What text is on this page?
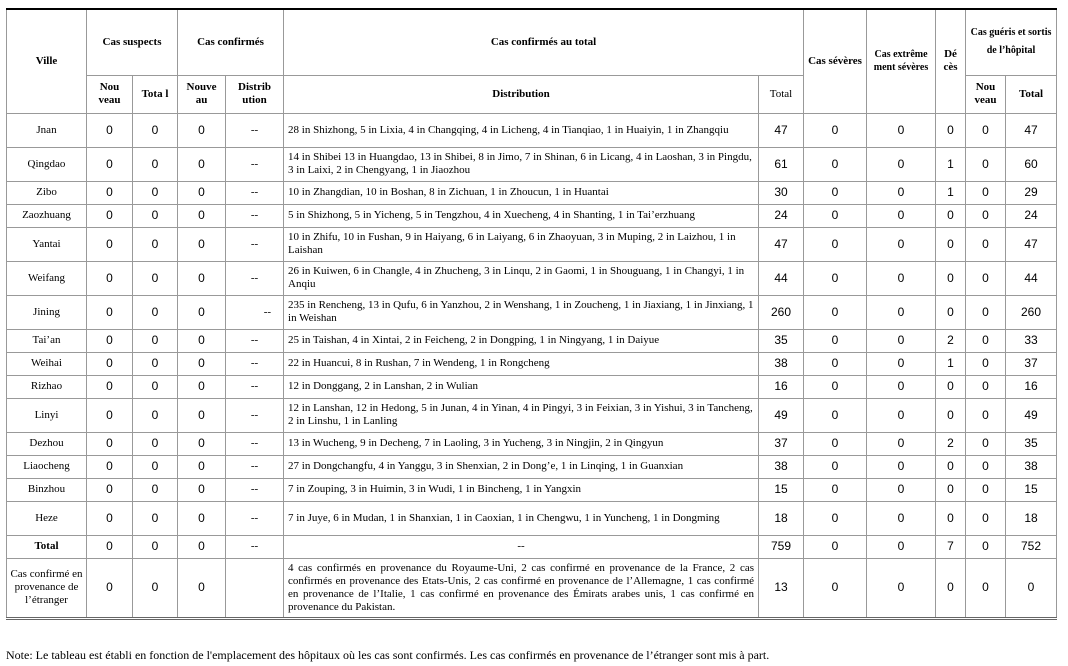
Ville	Cas suspects		Cas confirmés		Cas confirmés au total		Cas sévères	Cas extrême ment sévères	Dé cès	Cas guéris et sortis de l’hôpital	
	Nou veau	Tota l	Nouve au	Distrib ution	Distribution	Total				Nou veau	Total
Jnan	0	0	0	--	28 in Shizhong, 5 in Lixia, 4 in Changqing, 4 in Licheng, 4 in Tianqiao, 1 in Huaiyin, 1 in Zhangqiu	47	0	0	0	0	47
Qingdao	0	0	0	--	14 in Shibei 13 in Huangdao, 13 in Shibei, 8 in Jimo, 7 in Shinan, 6 in Licang, 4 in Laoshan, 3 in Pingdu, 3 in Laixi, 2 in Chengyang, 1 in Jiaozhou	61	0	0	1	0	60
Zibo	0	0	0	--	10 in Zhangdian, 10 in Boshan, 8 in Zichuan, 1 in Zhoucun, 1 in Huantai	30	0	0	1	0	29
Zaozhuang	0	0	0	--	5 in Shizhong, 5 in Yicheng, 5 in Tengzhou, 4 in Xuecheng, 4 in Shanting, 1 in Tai’erzhuang	24	0	0	0	0	24
Yantai	0	0	0	--	10 in Zhifu, 10 in Fushan, 9 in Haiyang, 6 in Laiyang, 6 in Zhaoyuan, 3 in Muping, 2 in Laizhou, 1 in Laishan	47	0	0	0	0	47
Weifang	0	0	0	--	26 in Kuiwen, 6 in Changle, 4 in Zhucheng, 3 in Linqu, 2 in Gaomi, 1 in Shouguang, 1 in Changyi, 1 in Anqiu	44	0	0	0	0	44
Jining	0	0	0	--	235 in Rencheng, 13 in Qufu, 6 in Yanzhou, 2 in Wenshang, 1 in Zoucheng, 1 in Jiaxiang, 1 in Jinxiang, 1 in Weishan	260	0	0	0	0	260
Tai’an	0	0	0	--	25 in Taishan, 4 in Xintai, 2 in Feicheng, 2 in Dongping, 1 in Ningyang, 1 in Daiyue	35	0	0	2	0	33
Weihai	0	0	0	--	22 in Huancui, 8 in Rushan, 7 in Wendeng, 1 in Rongcheng	38	0	0	1	0	37
Rizhao	0	0	0	--	12 in Donggang, 2 in Lanshan, 2 in Wulian	16	0	0	0	0	16
Linyi	0	0	0	--	12 in Lanshan, 12 in Hedong, 5 in Junan, 4 in Yinan, 4 in Pingyi, 3 in Feixian, 3 in Yishui, 3 in Tancheng, 2 in Linshu, 1 in Lanling	49	0	0	0	0	49
Dezhou	0	0	0	--	13 in Wucheng, 9 in Decheng, 7 in Laoling, 3 in Yucheng, 3 in Ningjin, 2 in Qingyun	37	0	0	2	0	35
Liaocheng	0	0	0	--	27 in Dongchangfu, 4 in Yanggu, 3 in Shenxian, 2 in Dong’e, 1 in Linqing, 1 in Guanxian	38	0	0	0	0	38
Binzhou	0	0	0	--	7 in Zouping, 3 in Huimin, 3 in Wudi, 1 in Bincheng, 1 in Yangxin	15	0	0	0	0	15
Heze	0	0	0	--	7 in Juye, 6 in Mudan, 1 in Shanxian, 1 in Caoxian, 1 in Chengwu, 1 in Yuncheng, 1 in Dongming	18	0	0	0	0	18
Total	0	0	0	--	--	759	0	0	7	0	752
Cas confirmé en provenance de l’étranger	0	0	0		4 cas confirmés en provenance du Royaume-Uni, 2 cas confirmé en provenance de la France, 2 cas confirmés en provenance des Etats-Unis, 2 cas confirmé en provenance de l’Allemagne, 1 cas confirmé en provenance de l’Italie, 1 cas confirmé en provenance des Émirats arabes unis, 1 cas confirmé en provenance du Pakistan.	13	0	0	0	0	0
Note: Le tableau est établi en fonction de l'emplacement des hôpitaux où les cas sont confirmés. Les cas confirmés en provenance de l’étranger sont mis à part.
